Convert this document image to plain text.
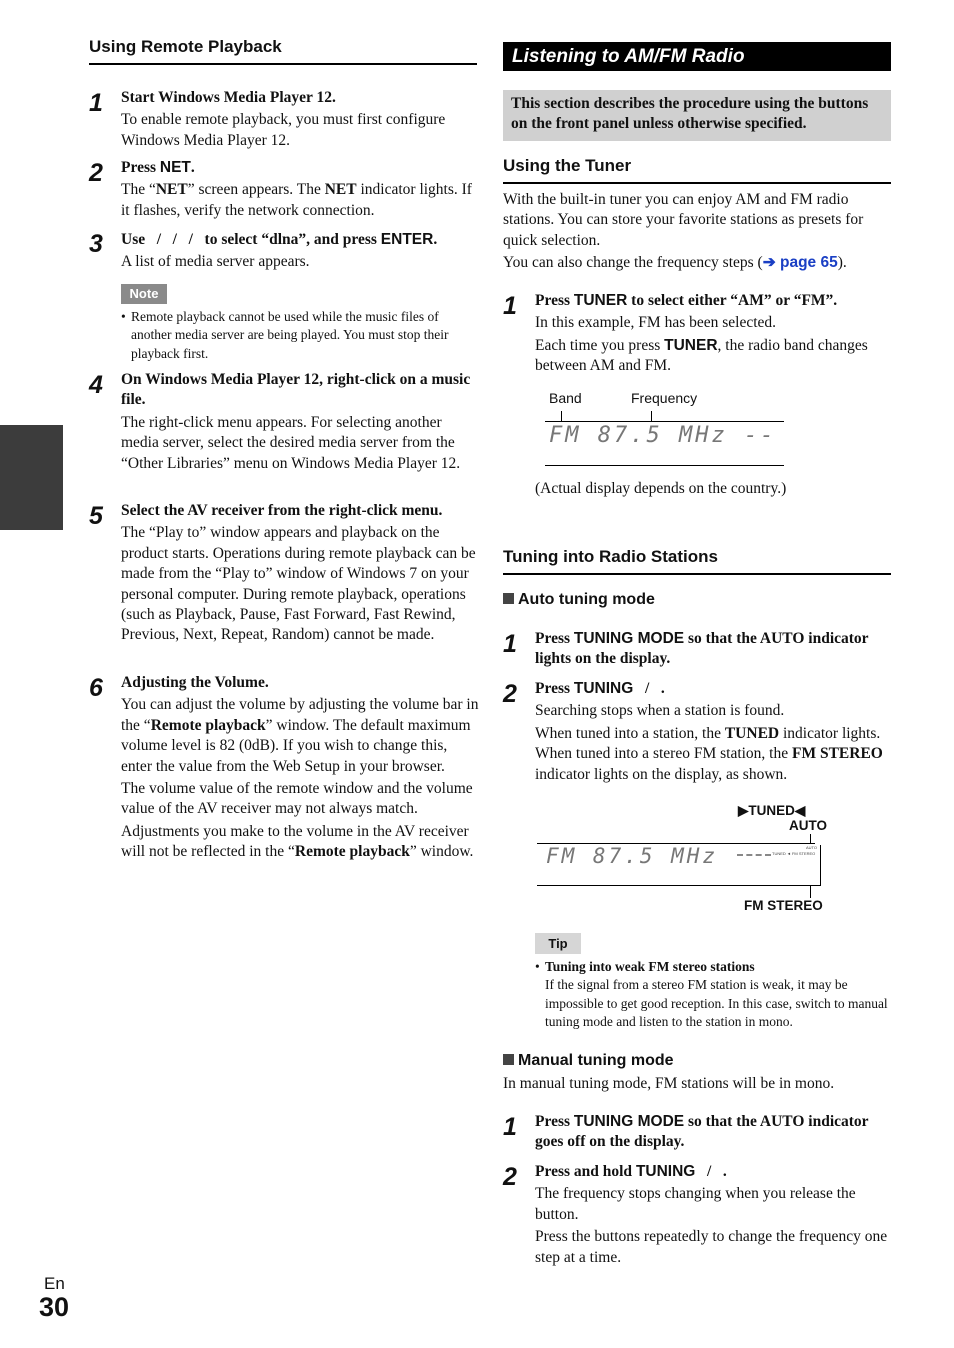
Using Remote Playback
1 Start Windows Media Player 12.

To enable remote playback, you must first configure Windows Media Player 12.

2 Press NET.

The “NET” screen appears. The NET indicator lights. If it flashes, verify the network connection.

3 Use   /   /   /   to select “dlna”, and press ENTER.

A list of media server appears.

Note
• Remote playback cannot be used while the music files of another media server are being played. You must stop their playback first.

4 On Windows Media Player 12, right-click on a music file.

The right-click menu appears. For selecting another media server, select the desired media server from the “Other Libraries” menu on Windows Media Player 12.

5 Select the AV receiver from the right-click menu.

The “Play to” window appears and playback on the product starts. Operations during remote playback can be made from the “Play to” window of Windows 7 on your personal computer. During remote playback, operations (such as Playback, Pause, Fast Forward, Fast Rewind, Previous, Next, Repeat, Random) cannot be made.

6 Adjusting the Volume.

You can adjust the volume by adjusting the volume bar in the “Remote playback” window. The default maximum volume level is 82 (0dB). If you wish to change this, enter the value from the Web Setup in your browser.

The volume value of the remote window and the volume value of the AV receiver may not always match.

Adjustments you make to the volume in the AV receiver will not be reflected in the “Remote playback” window.

Listening to AM/FM Radio

This section describes the procedure using the buttons on the front panel unless otherwise specified.

Using the Tuner

With the built-in tuner you can enjoy AM and FM radio stations. You can store your favorite stations as presets for quick selection.

You can also change the frequency steps (➔ page 65).

1 Press TUNER to select either “AM” or “FM”.

In this example, FM has been selected.

Each time you press TUNER, the radio band changes between AM and FM.

Band	Frequency
FM 87.5 MHz --
(Actual display depends on the country.)
Tuning into Radio Stations
Auto tuning mode
1 Press TUNING MODE so that the AUTO indicator lights on the display.

2 Press TUNING   /   .

Searching stops when a station is found.

When tuned into a station, the TUNED indicator lights. When tuned into a stereo FM station, the FM STEREO indicator lights on the display, as shown.

▶TUNED◀
AUTO
FM 87.5 MHz	TUNED ◄ FM STEREO
AUTO
FM STEREO
Tip
• Tuning into weak FM stereo stations

If the signal from a stereo FM station is weak, it may be impossible to get good reception. In this case, switch to manual tuning mode and listen to the station in mono.

Manual tuning mode
In manual tuning mode, FM stations will be in mono.
1 Press TUNING MODE so that the AUTO indicator goes off on the display.

2 Press and hold TUNING   /   .

The frequency stops changing when you release the button.

Press the buttons repeatedly to change the frequency one step at a time.

En
30
